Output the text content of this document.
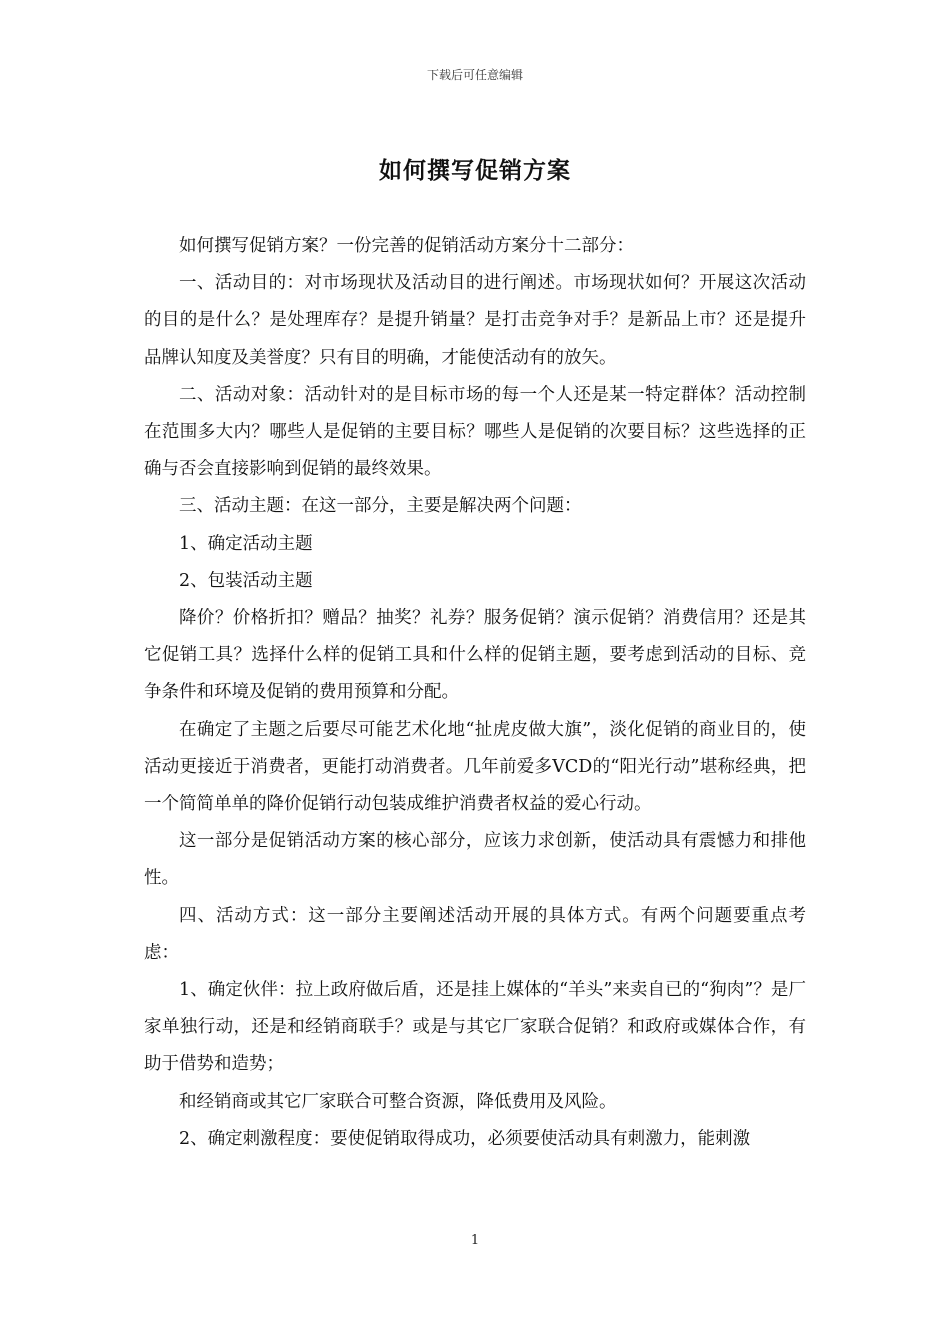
下载后可任意编辑
如何撰写促销方案

如何撰写促销方案？一份完善的促销活动方案分十二部分：

一、活动目的：对市场现状及活动目的进行阐述。市场现状如何？开展这次活动的目的是什么？是处理库存？是提升销量？是打击竞争对手？是新品上市？还是提升品牌认知度及美誉度？只有目的明确，才能使活动有的放矢。

二、活动对象：活动针对的是目标市场的每一个人还是某一特定群体？活动控制在范围多大内？哪些人是促销的主要目标？哪些人是促销的次要目标？这些选择的正确与否会直接影响到促销的最终效果。

三、活动主题：在这一部分，主要是解决两个问题：

1、确定活动主题

2、包装活动主题

降价？价格折扣？赠品？抽奖？礼券？服务促销？演示促销？消费信用？还是其它促销工具？选择什么样的促销工具和什么样的促销主题，要考虑到活动的目标、竞争条件和环境及促销的费用预算和分配。

在确定了主题之后要尽可能艺术化地“扯虎皮做大旗”，淡化促销的商业目的，使活动更接近于消费者，更能打动消费者。几年前爱多VCD的“阳光行动”堪称经典，把一个简简单单的降价促销行动包装成维护消费者权益的爱心行动。

这一部分是促销活动方案的核心部分，应该力求创新，使活动具有震憾力和排他性。

四、活动方式：这一部分主要阐述活动开展的具体方式。有两个问题要重点考虑：

1、确定伙伴：拉上政府做后盾，还是挂上媒体的“羊头”来卖自已的“狗肉”？是厂家单独行动，还是和经销商联手？或是与其它厂家联合促销？和政府或媒体合作，有助于借势和造势；

和经销商或其它厂家联合可整合资源，降低费用及风险。

2、确定刺激程度：要使促销取得成功，必须要使活动具有刺激力，能刺激

1
